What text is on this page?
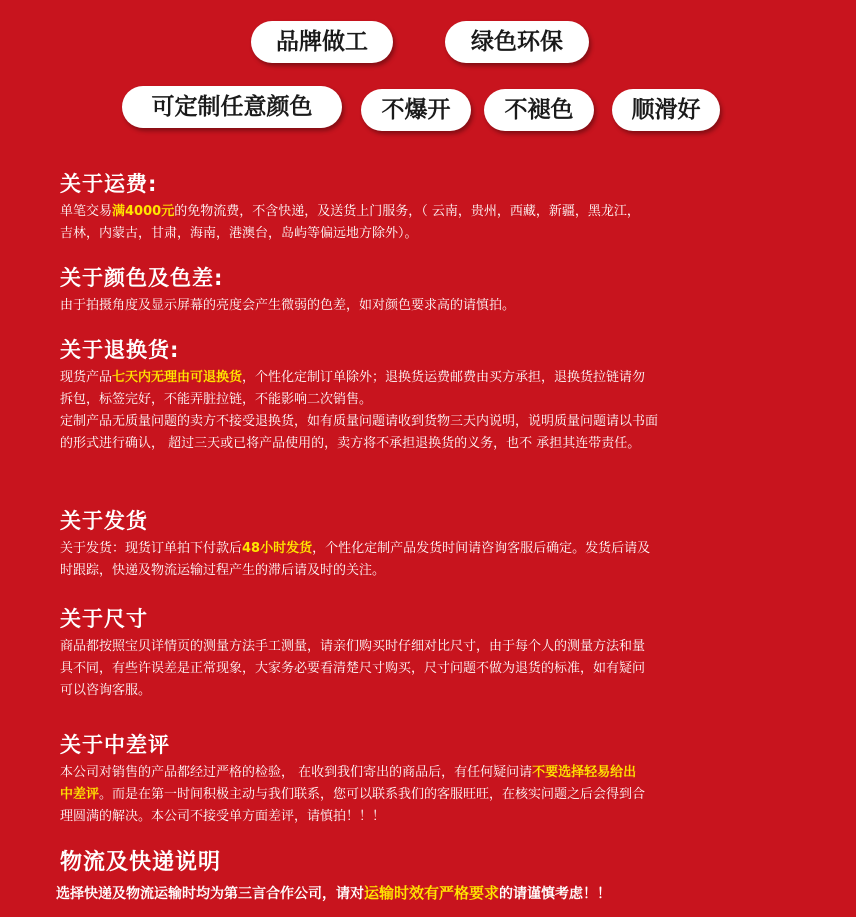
品牌做工	绿色环保
可定制任意颜色	不爆开	不褪色	顺滑好

关于运费:

单笔交易满4000元的免物流费，不含快递，及送货上门服务，（ 云南，贵州，西藏，新疆，黑龙江，
吉林，内蒙古，甘肃，海南，港澳台，岛屿等偏远地方除外）。

关于颜色及色差:

由于拍摄角度及显示屏幕的亮度会产生微弱的色差，如对颜色要求高的请慎拍。

关于退换货:

现货产品七天内无理由可退换货，个性化定制订单除外；退换货运费邮费由买方承担，退换货拉链请勿
拆包，标签完好，不能弄脏拉链，不能影响二次销售。
定制产品无质量问题的卖方不接受退换货，如有质量问题请收到货物三天内说明，说明质量问题请以书面
的形式进行确认， 超过三天或已将产品使用的，卖方将不承担退换货的义务，也不 承担其连带责任。

关于发货

关于发货：现货订单拍下付款后48小时发货，个性化定制产品发货时间请咨询客服后确定。发货后请及
时跟踪，快递及物流运输过程产生的滞后请及时的关注。

关于尺寸

商品都按照宝贝详情页的测量方法手工测量，请亲们购买时仔细对比尺寸，由于每个人的测量方法和量
具不同，有些许误差是正常现象，大家务必要看清楚尺寸购买，尺寸问题不做为退货的标准，如有疑问
可以咨询客服。

关于中差评

本公司对销售的产品都经过严格的检验， 在收到我们寄出的商品后，有任何疑问请不要选择轻易给出
中差评。而是在第一时间积极主动与我们联系，您可以联系我们的客服旺旺，在核实问题之后会得到合
理圆满的解决。本公司不接受单方面差评，请慎拍！！！

物流及快递说明

选择快递及物流运输时均为第三言合作公司，请对运输时效有严格要求的请谨慎考虑！！
